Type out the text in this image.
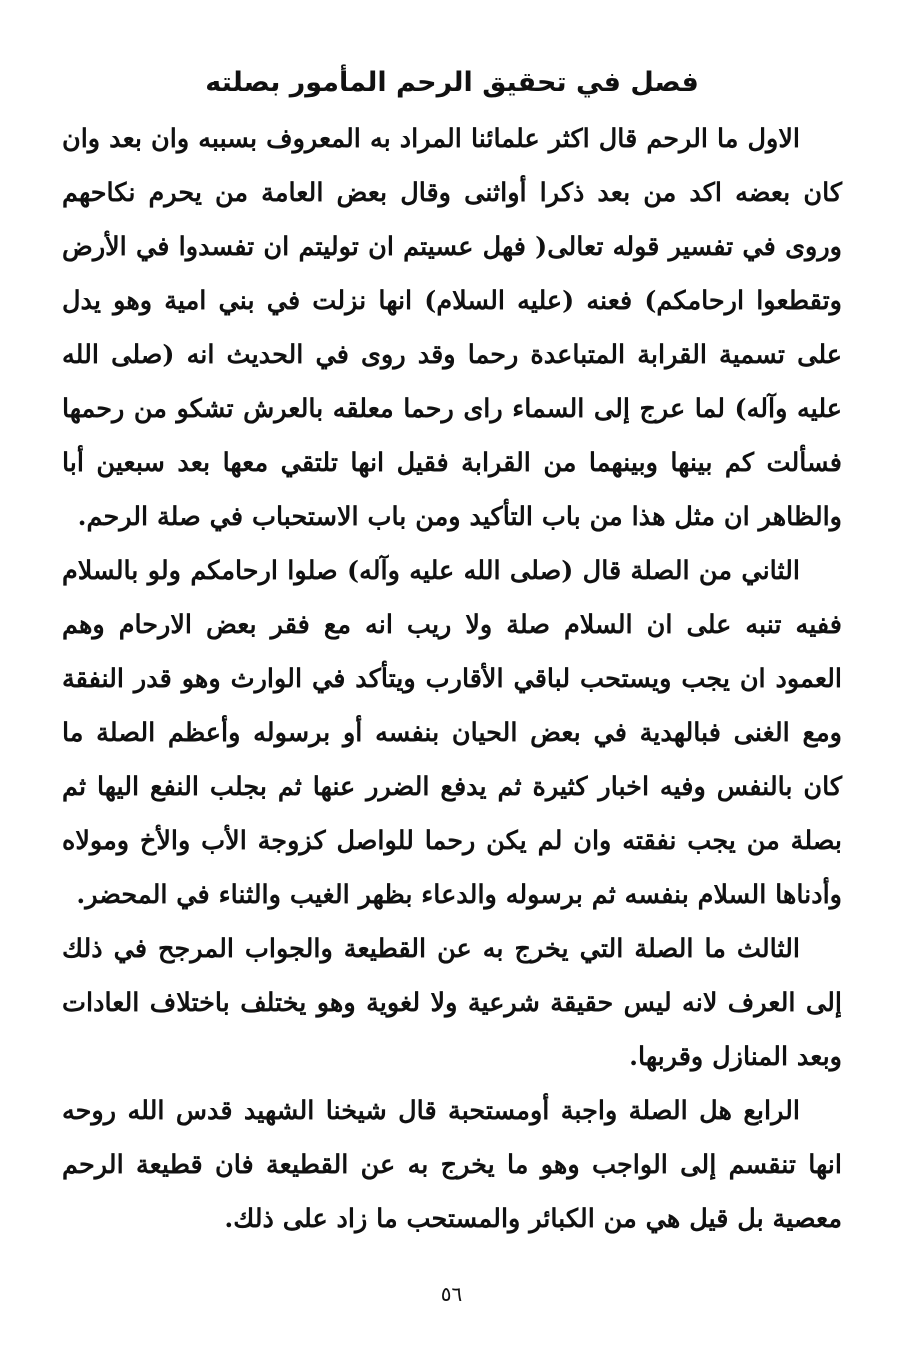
فصل في تحقيق الرحم المأمور بصلته

الاول ما الرحم قال اكثر علمائنا المراد به المعروف بسببه وان بعد وان كان بعضه اكد من بعد ذكرا أواثنى وقال بعض العامة من يحرم نكاحهم وروى في تفسير قوله تعالى( فهل عسيتم ان توليتم ان تفسدوا في الأرض وتقطعوا ارحامكم) فعنه (عليه السلام) انها نزلت في بني امية وهو يدل على تسمية القرابة المتباعدة رحما وقد روى في الحديث انه (صلى الله عليه وآله) لما عرج إلى السماء راى رحما معلقه بالعرش تشكو من رحمها فسألت كم بينها وبينهما من القرابة فقيل انها تلتقي معها بعد سبعين أبا والظاهر ان مثل هذا من باب التأكيد ومن باب الاستحباب في صلة الرحم.

الثاني من الصلة قال (صلى الله عليه وآله) صلوا ارحامكم ولو بالسلام ففيه تنبه على ان السلام صلة ولا ريب انه مع فقر بعض الارحام وهم العمود ان يجب ويستحب لباقي الأقارب ويتأكد في الوارث وهو قدر النفقة ومع الغنى فبالهدية في بعض الحيان بنفسه أو برسوله وأعظم الصلة ما كان بالنفس وفيه اخبار كثيرة ثم يدفع الضرر عنها ثم بجلب النفع اليها ثم بصلة من يجب نفقته وان لم يكن رحما للواصل كزوجة الأب والأخ ومولاه وأدناها السلام بنفسه ثم برسوله والدعاء بظهر الغيب والثناء في المحضر.

الثالث ما الصلة التي يخرج به عن القطيعة والجواب المرجح في ذلك إلى العرف لانه ليس حقيقة شرعية ولا لغوية وهو يختلف باختلاف العادات وبعد المنازل وقربها.

الرابع هل الصلة واجبة أومستحبة قال شيخنا الشهيد قدس الله روحه انها تنقسم إلى الواجب وهو ما يخرج به عن القطيعة فان قطيعة الرحم معصية بل قيل هي من الكبائر والمستحب ما زاد على ذلك.

٥٦
